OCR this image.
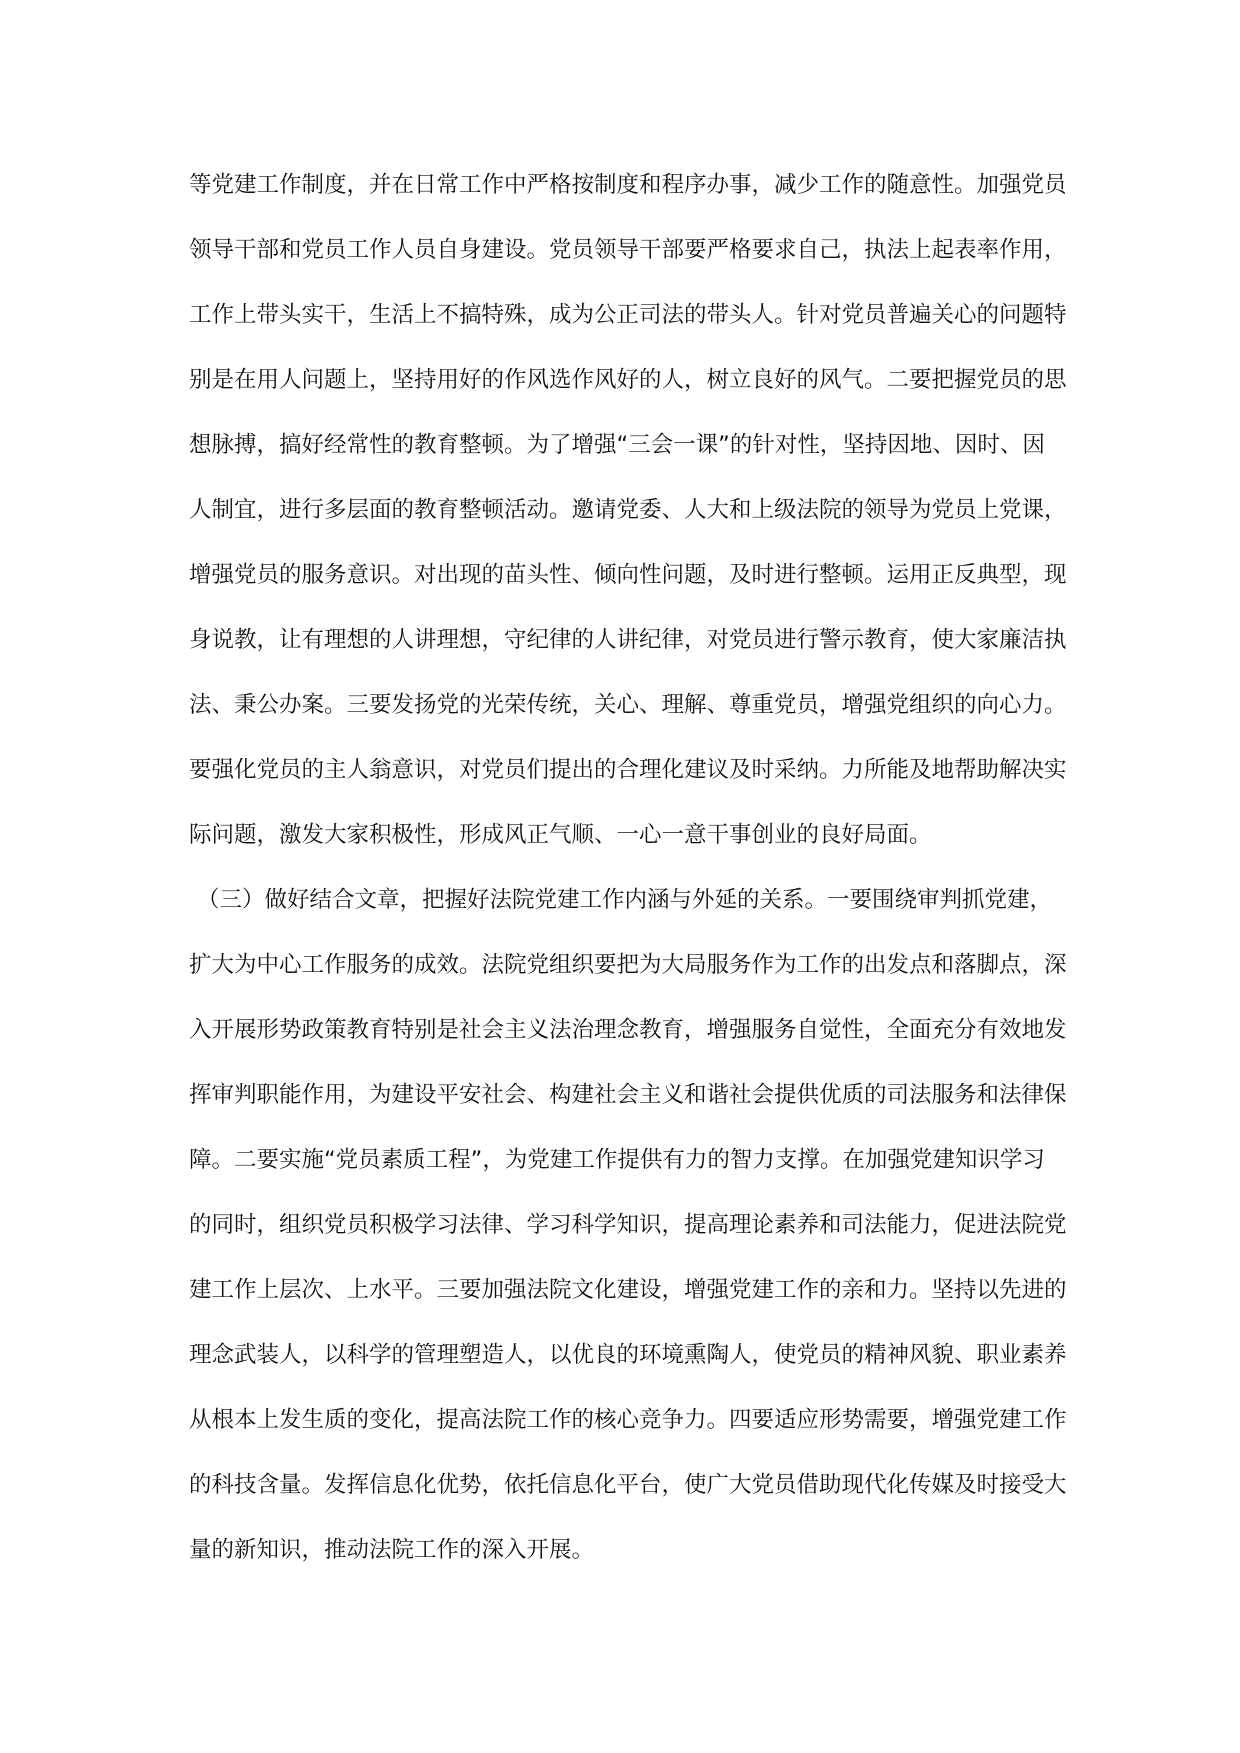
等党建工作制度，并在日常工作中严格按制度和程序办事，减少工作的随意性。加强党员
领导干部和党员工作人员自身建设。党员领导干部要严格要求自己，执法上起表率作用，
工作上带头实干，生活上不搞特殊，成为公正司法的带头人。针对党员普遍关心的问题特
别是在用人问题上，坚持用好的作风选作风好的人，树立良好的风气。二要把握党员的思
想脉搏，搞好经常性的教育整顿。为了增强“三会一课”的针对性，坚持因地、因时、因
人制宜，进行多层面的教育整顿活动。邀请党委、人大和上级法院的领导为党员上党课，
增强党员的服务意识。对出现的苗头性、倾向性问题，及时进行整顿。运用正反典型，现
身说教，让有理想的人讲理想，守纪律的人讲纪律，对党员进行警示教育，使大家廉洁执
法、秉公办案。三要发扬党的光荣传统，关心、理解、尊重党员，增强党组织的向心力。
要强化党员的主人翁意识，对党员们提出的合理化建议及时采纳。力所能及地帮助解决实
际问题，激发大家积极性，形成风正气顺、一心一意干事创业的良好局面。
（三）做好结合文章，把握好法院党建工作内涵与外延的关系。一要围绕审判抓党建，
扩大为中心工作服务的成效。法院党组织要把为大局服务作为工作的出发点和落脚点，深
入开展形势政策教育特别是社会主义法治理念教育，增强服务自觉性，全面充分有效地发
挥审判职能作用，为建设平安社会、构建社会主义和谐社会提供优质的司法服务和法律保
障。二要实施“党员素质工程”，为党建工作提供有力的智力支撑。在加强党建知识学习
的同时，组织党员积极学习法律、学习科学知识，提高理论素养和司法能力，促进法院党
建工作上层次、上水平。三要加强法院文化建设，增强党建工作的亲和力。坚持以先进的
理念武装人，以科学的管理塑造人，以优良的环境熏陶人，使党员的精神风貌、职业素养
从根本上发生质的变化，提高法院工作的核心竞争力。四要适应形势需要，增强党建工作
的科技含量。发挥信息化优势，依托信息化平台，使广大党员借助现代化传媒及时接受大
量的新知识，推动法院工作的深入开展。
